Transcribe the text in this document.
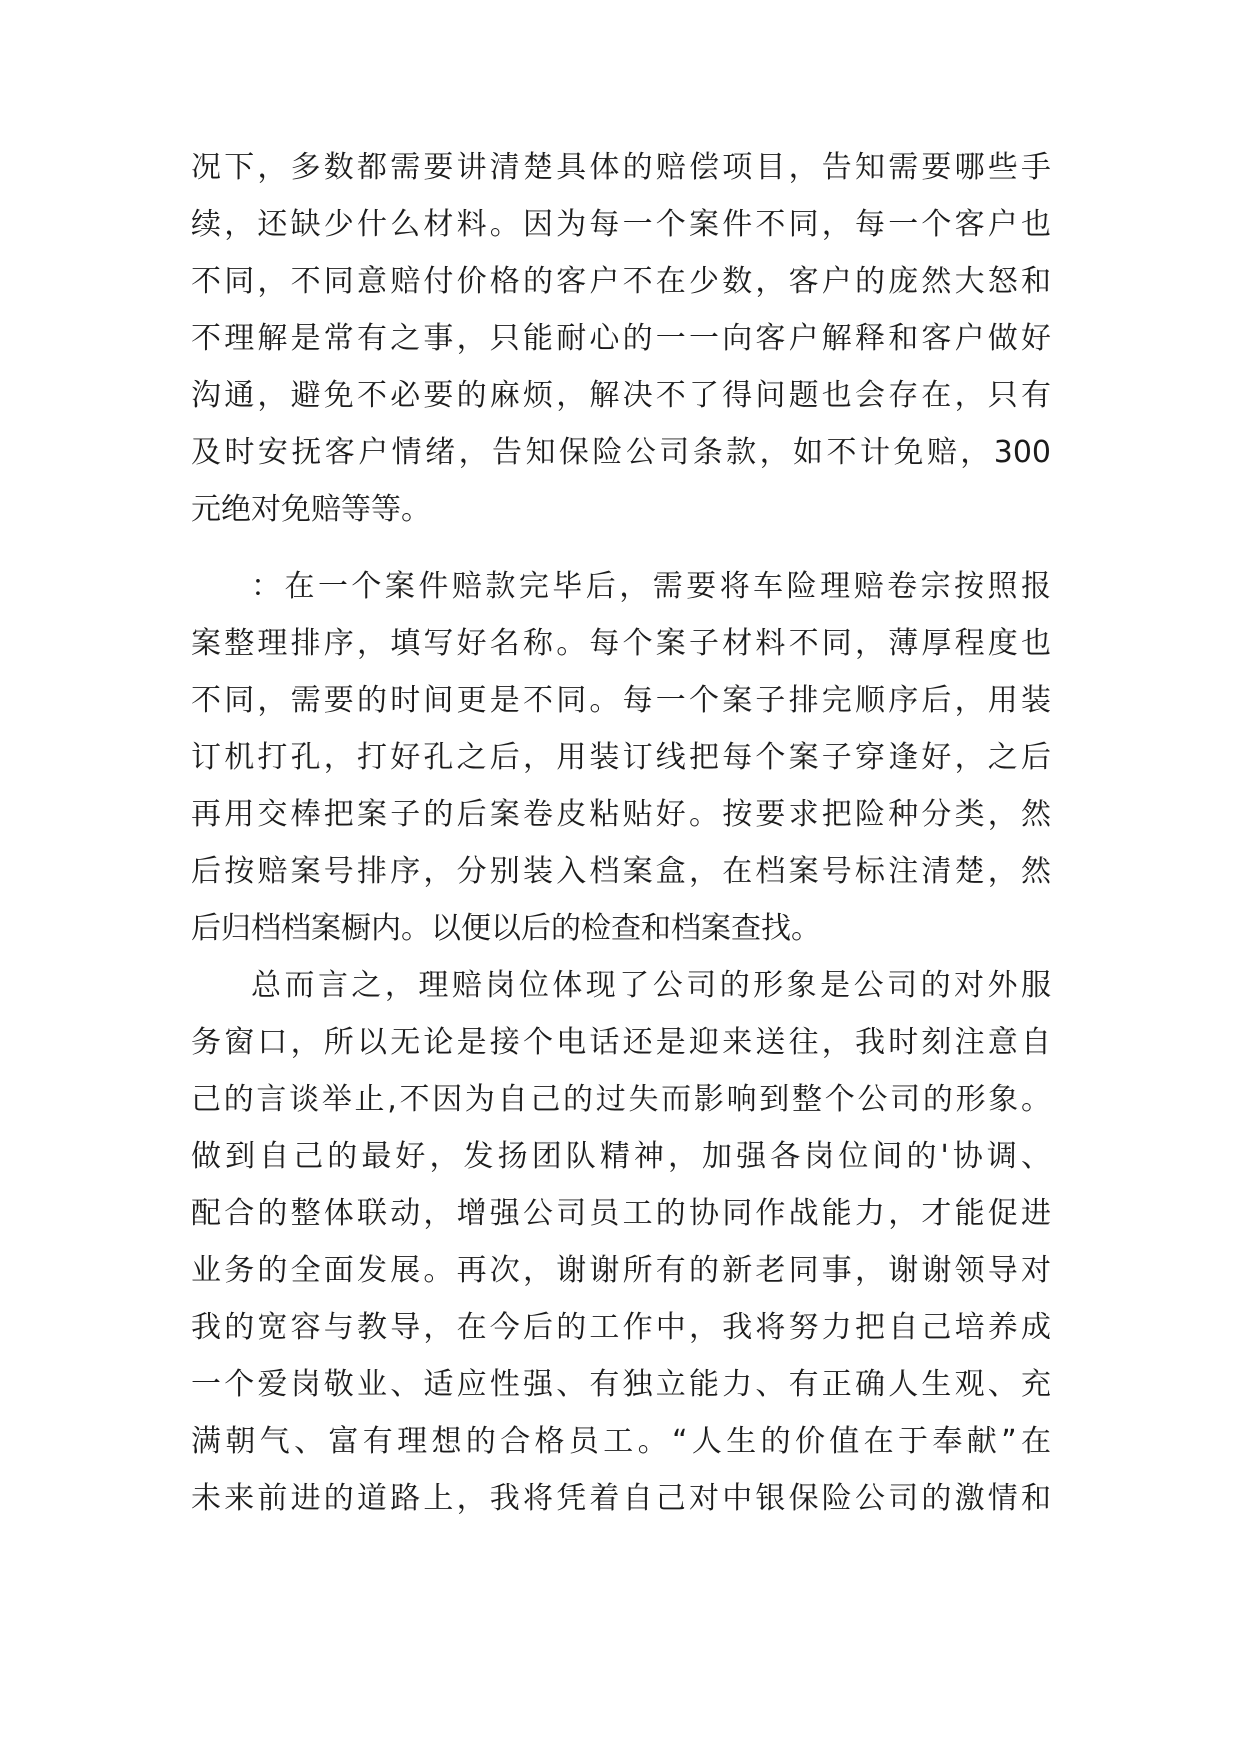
况下，多数都需要讲清楚具体的赔偿项目，告知需要哪些手
续，还缺少什么材料。因为每一个案件不同，每一个客户也
不同，不同意赔付价格的客户不在少数，客户的庞然大怒和
不理解是常有之事，只能耐心的一一向客户解释和客户做好
沟通，避免不必要的麻烦，解决不了得问题也会存在，只有
及时安抚客户情绪，告知保险公司条款，如不计免赔，300
元绝对免赔等等。
：在一个案件赔款完毕后，需要将车险理赔卷宗按照报
案整理排序，填写好名称。每个案子材料不同，薄厚程度也
不同，需要的时间更是不同。每一个案子排完顺序后，用装
订机打孔，打好孔之后，用装订线把每个案子穿逢好，之后
再用交棒把案子的后案卷皮粘贴好。按要求把险种分类，然
后按赔案号排序，分别装入档案盒，在档案号标注清楚，然
后归档档案橱内。以便以后的检查和档案查找。
总而言之，理赔岗位体现了公司的形象是公司的对外服
务窗口，所以无论是接个电话还是迎来送往，我时刻注意自
己的言谈举止,不因为自己的过失而影响到整个公司的形象。
做到自己的最好，发扬团队精神，加强各岗位间的'协调、
配合的整体联动，增强公司员工的协同作战能力，才能促进
业务的全面发展。再次，谢谢所有的新老同事，谢谢领导对
我的宽容与教导，在今后的工作中，我将努力把自己培养成
一个爱岗敬业、适应性强、有独立能力、有正确人生观、充
满朝气、富有理想的合格员工。“人生的价值在于奉献”在
未来前进的道路上，我将凭着自己对中银保险公司的激情和
